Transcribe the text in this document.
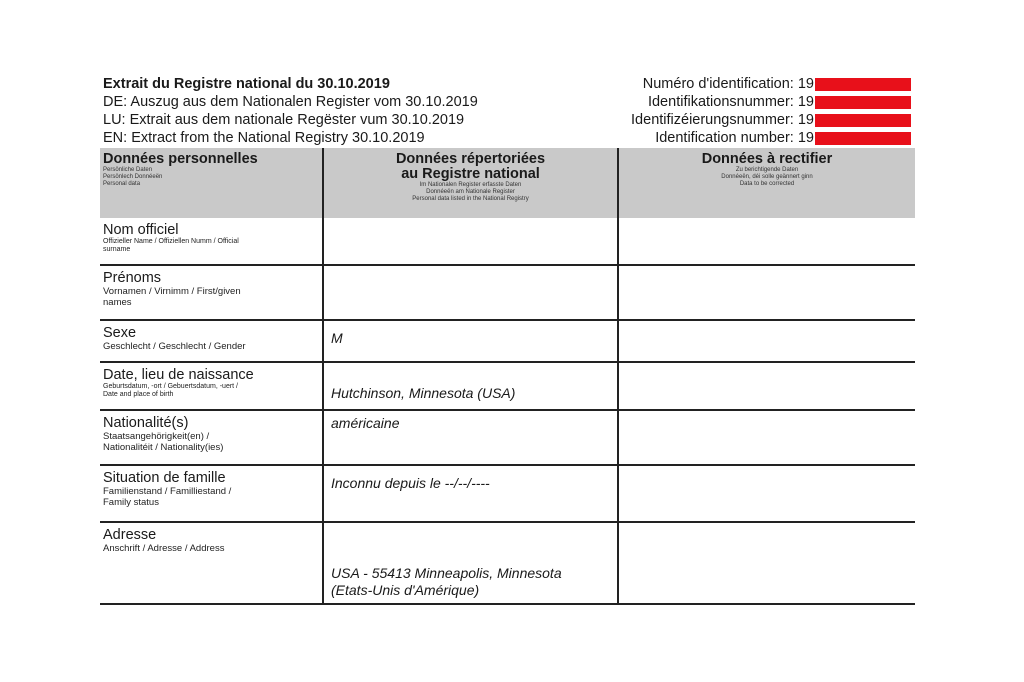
Extrait du Registre national du 30.10.2019
DE: Auszug aus dem Nationalen Register vom 30.10.2019
LU: Extrait aus dem nationale Regëster vum 30.10.2019
EN: Extract from the National Registry 30.10.2019
Numéro d'identification: 19
Identifikationsnummer: 19
Identifizéierungsnummer: 19
Identification number: 19
Données personnelles
Persönliche Daten
Persönlech Donnéeën
Personal data
Données répertoriées
au Registre national
Im Nationalen Register erfasste Daten
Donnéeën am Nationale Register
Personal data listed in the National Registry
Données à rectifier
Zu berichtigende Daten
Donnéeën, déi solle geännert ginn
Data to be corrected
Nom officiel
Offizieller Name / Offiziellen Numm / Official
surname
Prénoms
Vornamen / Virnimm / First/given
names
Sexe
Geschlecht / Geschlecht / Gender
M
Date, lieu de naissance
Geburtsdatum, -ort / Gebuertsdatum, -uert /
Date and place of birth	Hutchinson, Minnesota (USA)
Nationalité(s)
Staatsangehörigkeit(en) /
Nationalitéit / Nationality(ies)
américaine
Situation de famille
Familienstand / Familliestand /
Family status
Inconnu depuis le --/--/----
Adresse
Anschrift / Adresse / Address
USA - 55413 Minneapolis, Minnesota
(Etats-Unis d'Amérique)
